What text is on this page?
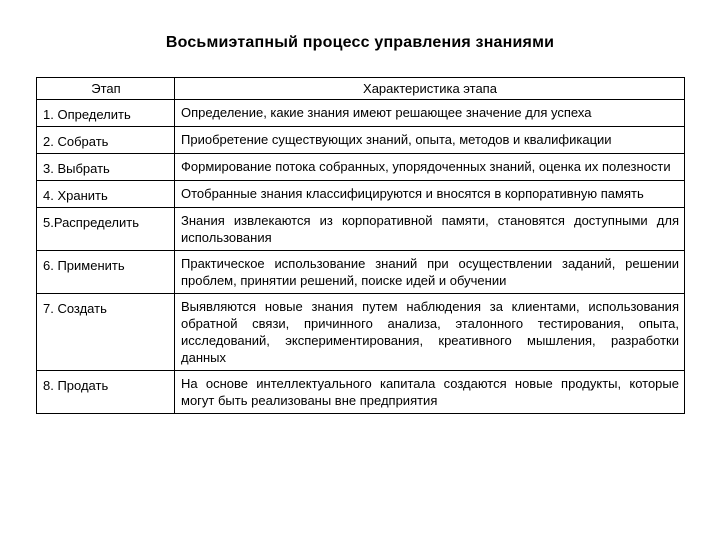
Восьмиэтапный процесс управления знаниями
Этап	Характеристика этапа
1. Определить	Определение, какие знания имеют решающее значение для успеха
2. Собрать	Приобретение существующих знаний, опыта, методов и квалификации
3. Выбрать	Формирование потока собранных, упорядоченных знаний, оценка их полезности
4. Хранить	Отобранные знания классифицируются и вносятся в корпоративную память
5.Распределить	Знания извлекаются из корпоративной памяти, становятся доступными для использования
6. Применить	Практическое использование знаний при осуществлении заданий, решении проблем, принятии решений, поиске идей и обучении
7. Создать	Выявляются новые знания путем наблюдения за клиентами, использования обратной связи, причинного анализа, эталонного тестирования, опыта, исследований, экспериментирования, креативного мышления, разработки данных
8. Продать	На основе интеллектуального капитала создаются новые продукты, которые могут быть реализованы вне предприятия
